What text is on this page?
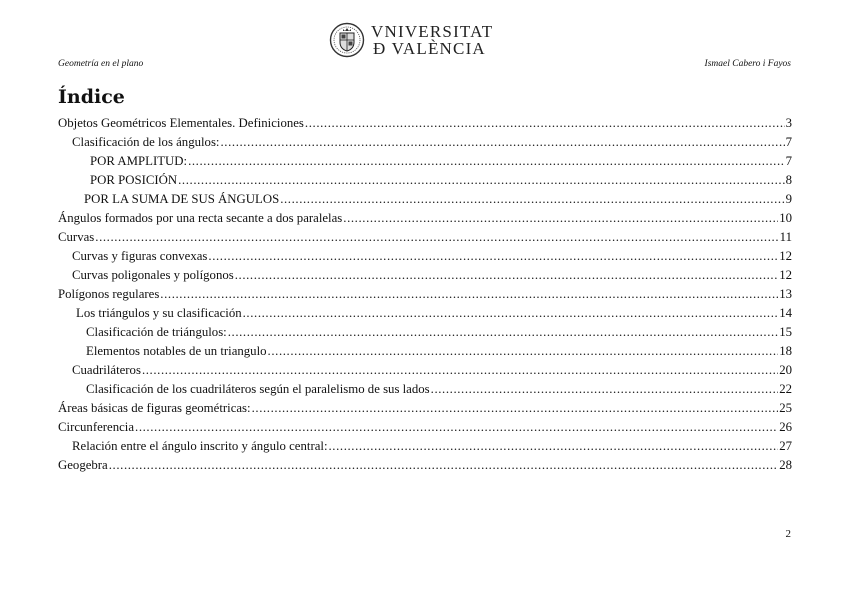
Geometría en el plano
VNIVERSITAT
Ð VALÈNCIA
Ismael Cabero i Fayos
Índice
Objetos Geométricos Elementales. Definiciones .....	3
Clasificación de los ángulos: .....	7
POR AMPLITUD: .....	7
POR POSICIÓN .....	8
POR LA SUMA DE SUS ÁNGULOS .....	9
Ángulos formados por una recta secante a dos paralelas .....	10
Curvas .....	11
Curvas y figuras convexas .....	12
Curvas poligonales y polígonos .....	12
Polígonos regulares .....	13
Los triángulos y su clasificación .....	14
Clasificación de triángulos: .....	15
Elementos notables de un triangulo .....	18
Cuadriláteros .....	20
Clasificación de los cuadriláteros según el paralelismo de sus lados .....	22
Áreas básicas de figuras geométricas: .....	25
Circunferencia .....	26
Relación entre el ángulo inscrito y ángulo central: .....	27
Geogebra .....	28
2
